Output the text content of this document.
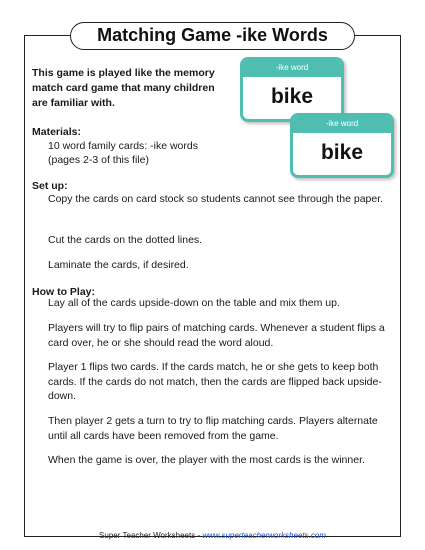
Matching Game -ike Words
This game is played like the memory match card game that many children are familiar with.
-ike word
bike
-ike word
bike
Materials:
10 word family cards: -ike words
(pages 2-3 of this file)
Set up:
Copy the cards on card stock so students cannot see through the paper.
Cut the cards on the dotted lines.
Laminate the cards, if desired.
How to Play:
Lay all of the cards upside-down on the table and mix them up.
Players will try to flip pairs of matching cards. Whenever a student flips a card over, he or she should read the word aloud.
Player 1 flips two cards. If the cards match, he or she gets to keep both cards. If the cards do not match, then the cards are flipped back upside-down.
Then player 2 gets a turn to try to flip matching cards. Players alternate until all cards have been removed from the game.
When the game is over, the player with the most cards is the winner.
Super Teacher Worksheets - www.superteacherworksheets.com
